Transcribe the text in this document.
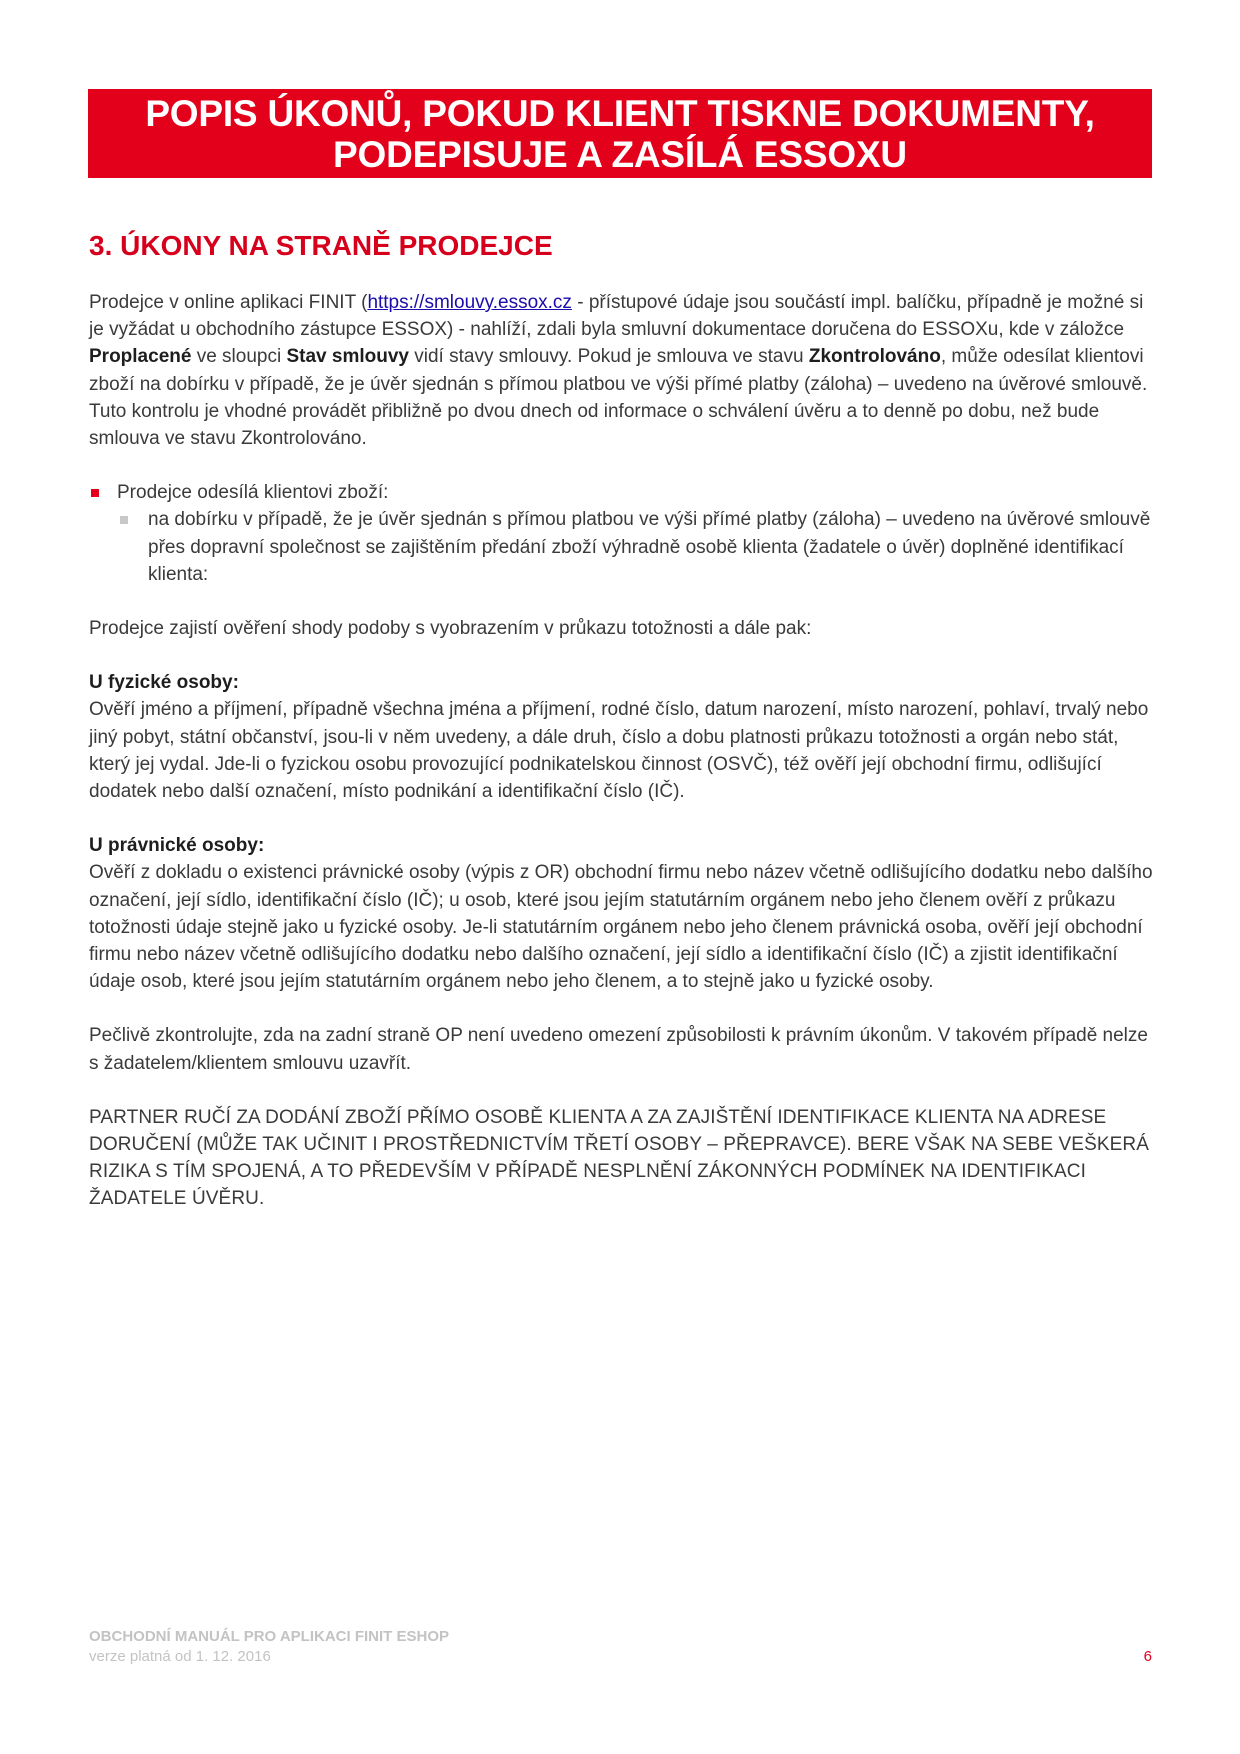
POPIS ÚKONŮ, POKUD KLIENT TISKNE DOKUMENTY,
PODEPISUJE A ZASÍLÁ ESSOXU
3. ÚKONY NA STRANĚ PRODEJCE

Prodejce v online aplikaci FINIT (https://smlouvy.essox.cz - přístupové údaje jsou součástí impl. balíčku, případně je možné si je vyžádat u obchodního zástupce ESSOX) - nahlíží, zdali byla smluvní dokumentace doručena do ESSOXu, kde v záložce Proplacené ve sloupci Stav smlouvy vidí stavy smlouvy. Pokud je smlouva ve stavu Zkontrolováno, může odesílat klientovi zboží na dobírku v případě, že je úvěr sjednán s přímou platbou ve výši přímé platby (záloha) – uvedeno na úvěrové smlouvě. Tuto kontrolu je vhodné provádět přibližně po dvou dnech od informace o schválení úvěru a to denně po dobu, než bude smlouva ve stavu Zkontrolováno.

Prodejce odesílá klientovi zboží:
na dobírku v případě, že je úvěr sjednán s přímou platbou ve výši přímé platby (záloha) – uvedeno na úvěrové smlouvě přes dopravní společnost se zajištěním předání zboží výhradně osobě klienta (žadatele o úvěr) doplněné identifikací klienta:

Prodejce zajistí ověření shody podoby s vyobrazením v průkazu totožnosti a dále pak:

U fyzické osoby:

Ověří jméno a příjmení, případně všechna jména a příjmení, rodné číslo, datum narození, místo narození, pohlaví, trvalý nebo jiný pobyt, státní občanství, jsou-li v něm uvedeny, a dále druh, číslo a dobu platnosti průkazu totožnosti a orgán nebo stát, který jej vydal. Jde-li o fyzickou osobu provozující podnikatelskou činnost (OSVČ), též ověří její obchodní firmu, odlišující dodatek nebo další označení, místo podnikání a identifikační číslo (IČ).

U právnické osoby:

Ověří z dokladu o existenci právnické osoby (výpis z OR) obchodní firmu nebo název včetně odlišujícího dodatku nebo dalšího označení, její sídlo, identifikační číslo (IČ); u osob, které jsou jejím statutárním orgánem nebo jeho členem ověří z průkazu totožnosti údaje stejně jako u fyzické osoby. Je-li statutárním orgánem nebo jeho členem právnická osoba, ověří její obchodní firmu nebo název včetně odlišujícího dodatku nebo dalšího označení, její sídlo a identifikační číslo (IČ) a zjistit identifikační údaje osob, které jsou jejím statutárním orgánem nebo jeho členem, a to stejně jako u fyzické osoby.

Pečlivě zkontrolujte, zda na zadní straně OP není uvedeno omezení způsobilosti k právním úkonům. V takovém případě nelze s žadatelem/klientem smlouvu uzavřít.

PARTNER RUČÍ ZA DODÁNÍ ZBOŽÍ PŘÍMO OSOBĚ KLIENTA A ZA ZAJIŠTĚNÍ IDENTIFIKACE KLIENTA NA ADRESE DORUČENÍ (MŮŽE TAK UČINIT I PROSTŘEDNICTVÍM TŘETÍ OSOBY – PŘEPRAVCE). BERE VŠAK NA SEBE VEŠKERÁ RIZIKA S TÍM SPOJENÁ, A TO PŘEDEVŠÍM V PŘÍPADĚ NESPLNĚNÍ ZÁKONNÝCH PODMÍNEK NA IDENTIFIKACI ŽADATELE ÚVĚRU.

OBCHODNÍ MANUÁL PRO APLIKACI FINIT ESHOP
verze platná od 1. 12. 2016	6
